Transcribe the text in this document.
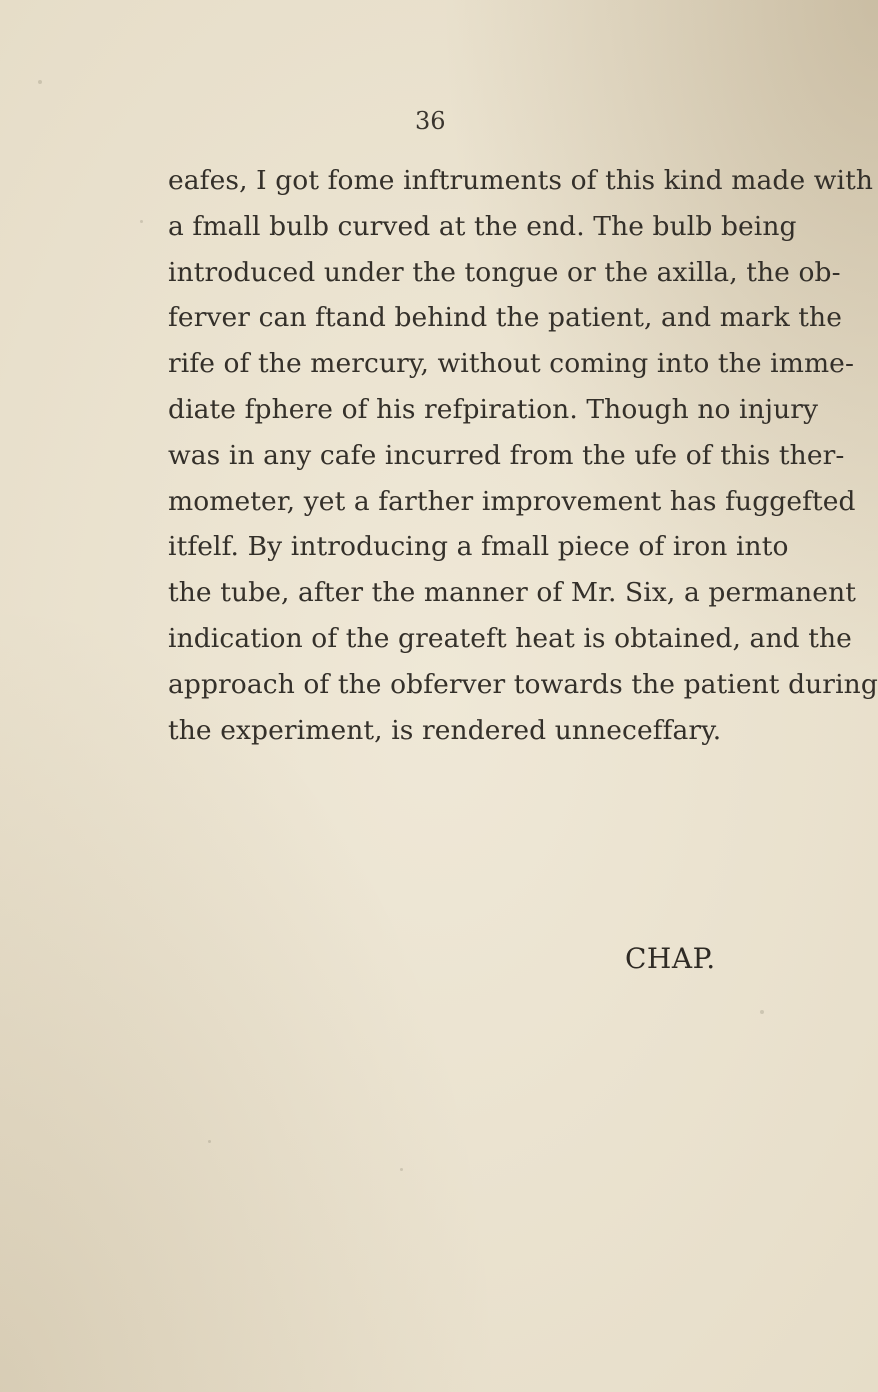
36
eafes, I got fome inftruments of this kind made with
a fmall bulb curved at the end. The bulb being
introduced under the tongue or the axilla, the ob-
ferver can ftand behind the patient, and mark the
rife of the mercury, without coming into the imme-
diate fphere of his refpiration. Though no injury
was in any cafe incurred from the ufe of this ther-
mometer, yet a farther improvement has fuggefted
itfelf. By introducing a fmall piece of iron into
the tube, after the manner of Mr. Six, a permanent
indication of the greateft heat is obtained, and the
approach of the obferver towards the patient during
the experiment, is rendered unneceffary.
CHAP.
